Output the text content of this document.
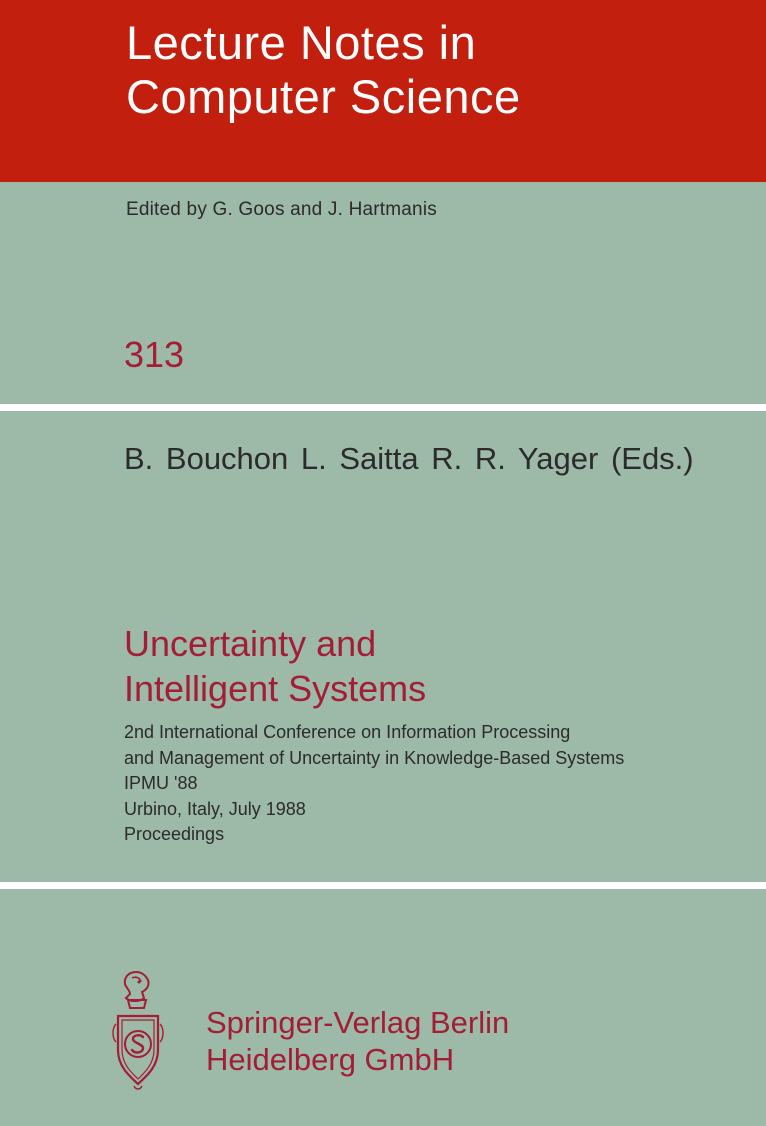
Lecture Notes in
Computer Science
Edited by G. Goos and J. Hartmanis
313
B. Bouchon L. Saitta R. R. Yager (Eds.)
Uncertainty and
Intelligent Systems
2nd International Conference on Information Processing
and Management of Uncertainty in Knowledge-Based Systems
IPMU '88
Urbino, Italy, July 1988
Proceedings
Springer-Verlag Berlin
Heidelberg GmbH
